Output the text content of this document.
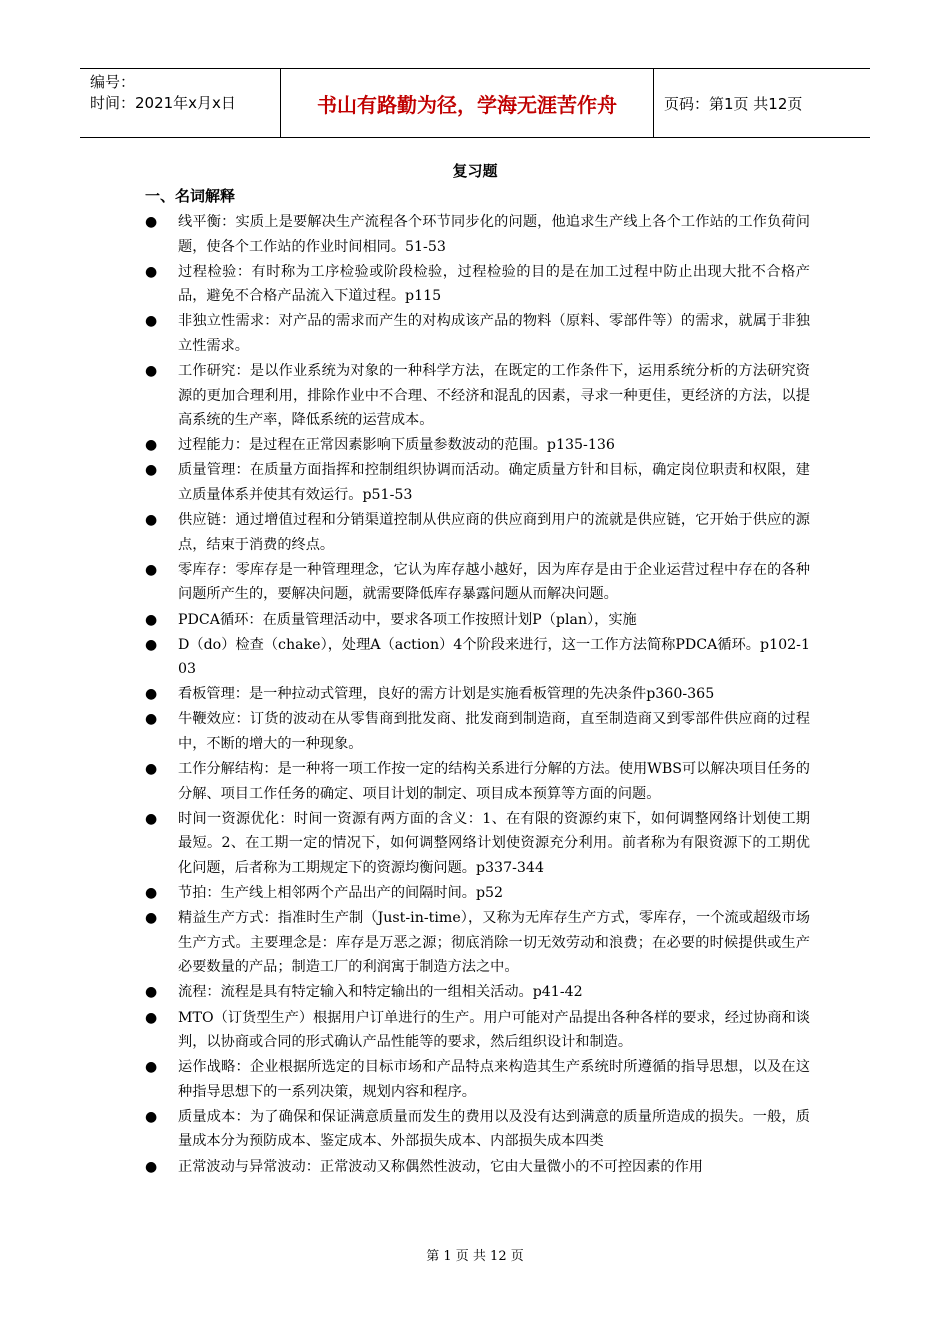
编号：
时间：2021年x月x日	书山有路勤为径，学海无涯苦作舟	页码：第1页 共12页
复习题
一、名词解释
● 线平衡：实质上是要解决生产流程各个环节同步化的问题，他追求生产线上各个工作站的工作负荷问题，使各个工作站的作业时间相同。51-53
● 过程检验：有时称为工序检验或阶段检验，过程检验的目的是在加工过程中防止出现大批不合格产品，避免不合格产品流入下道过程。p115
● 非独立性需求：对产品的需求而产生的对构成该产品的物料（原料、零部件等）的需求，就属于非独立性需求。
● 工作研究：是以作业系统为对象的一种科学方法，在既定的工作条件下，运用系统分析的方法研究资源的更加合理利用，排除作业中不合理、不经济和混乱的因素，寻求一种更佳，更经济的方法，以提高系统的生产率，降低系统的运营成本。
● 过程能力：是过程在正常因素影响下质量参数波动的范围。p135-136
● 质量管理：在质量方面指挥和控制组织协调而活动。确定质量方针和目标，确定岗位职责和权限，建立质量体系并使其有效运行。p51-53
● 供应链：通过增值过程和分销渠道控制从供应商的供应商到用户的流就是供应链，它开始于供应的源点，结束于消费的终点。
● 零库存：零库存是一种管理理念，它认为库存越小越好，因为库存是由于企业运营过程中存在的各种问题所产生的，要解决问题，就需要降低库存暴露问题从而解决问题。
● PDCA循环：在质量管理活动中，要求各项工作按照计划P（plan），实施
● D（do）检查（chake），处理A（action）4个阶段来进行，这一工作方法简称PDCA循环。p102-103
● 看板管理：是一种拉动式管理，良好的需方计划是实施看板管理的先决条件p360-365
● 牛鞭效应：订货的波动在从零售商到批发商、批发商到制造商，直至制造商又到零部件供应商的过程中，不断的增大的一种现象。
● 工作分解结构：是一种将一项工作按一定的结构关系进行分解的方法。使用WBS可以解决项目任务的分解、项目工作任务的确定、项目计划的制定、项目成本预算等方面的问题。
● 时间一资源优化：时间一资源有两方面的含义：1、在有限的资源约束下，如何调整网络计划使工期最短。2、在工期一定的情况下，如何调整网络计划使资源充分利用。前者称为有限资源下的工期优化问题，后者称为工期规定下的资源均衡问题。p337-344
● 节拍：生产线上相邻两个产品出产的间隔时间。p52
● 精益生产方式：指准时生产制（Just-in-time），又称为无库存生产方式，零库存，一个流或超级市场生产方式。主要理念是：库存是万恶之源；彻底消除一切无效劳动和浪费；在必要的时候提供或生产必要数量的产品；制造工厂的利润寓于制造方法之中。
● 流程：流程是具有特定输入和特定输出的一组相关活动。p41-42
● MTO（订货型生产）根据用户订单进行的生产。用户可能对产品提出各种各样的要求，经过协商和谈判，以协商或合同的形式确认产品性能等的要求，然后组织设计和制造。
● 运作战略：企业根据所选定的目标市场和产品特点来构造其生产系统时所遵循的指导思想，以及在这种指导思想下的一系列决策，规划内容和程序。
● 质量成本：为了确保和保证满意质量而发生的费用以及没有达到满意的质量所造成的损失。一般，质量成本分为预防成本、鉴定成本、外部损失成本、内部损失成本四类
● 正常波动与异常波动：正常波动又称偶然性波动，它由大量微小的不可控因素的作用
第 1 页 共 12 页
